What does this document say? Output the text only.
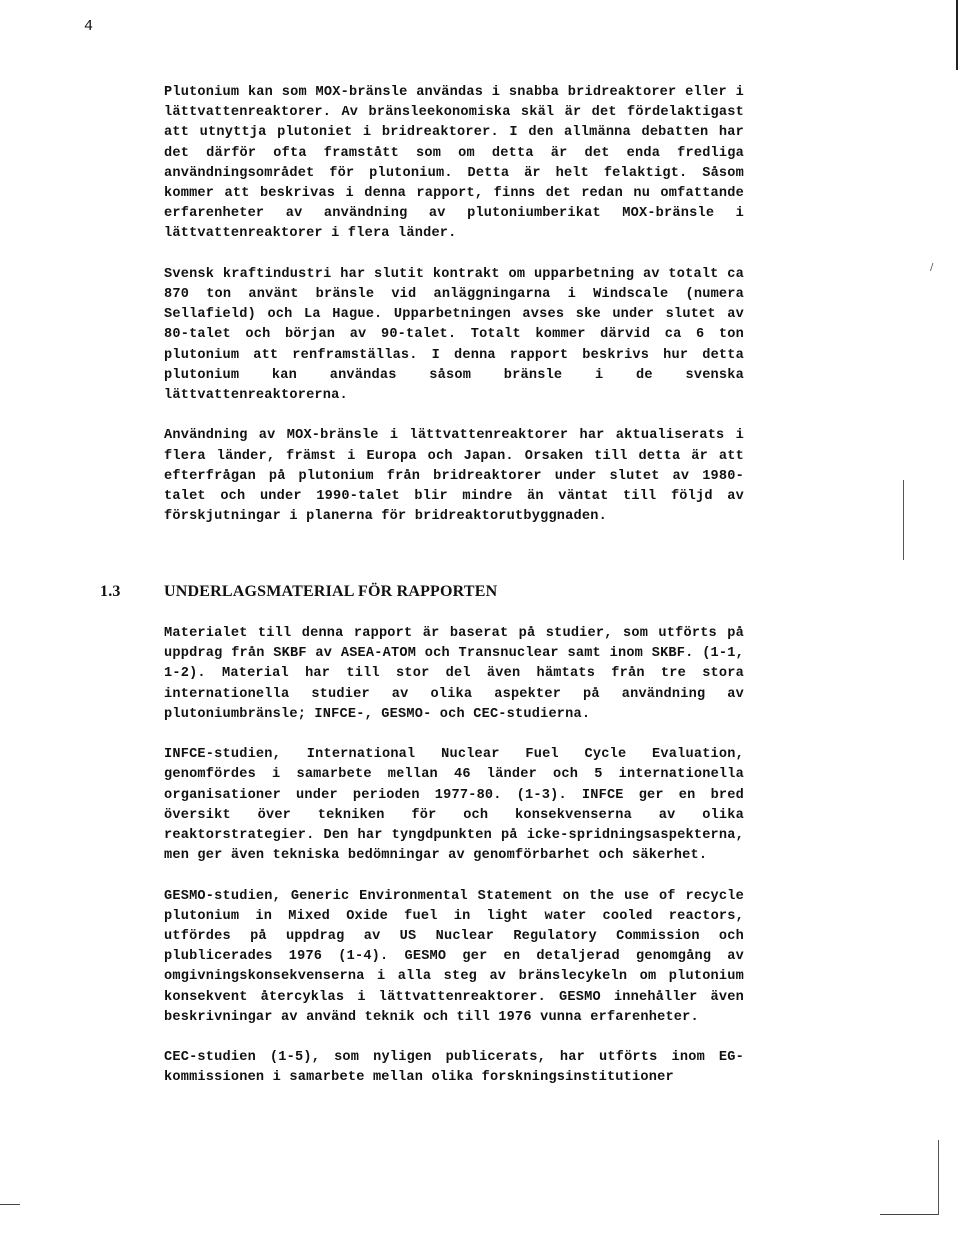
/
4

Plutonium kan som MOX-bränsle användas i snabba bridreaktorer eller i lättvattenreaktorer. Av bränsleekonomiska skäl är det fördelaktigast att utnyttja plutoniet i bridreaktorer. I den allmänna debatten har det därför ofta framstått som om detta är det enda fredliga användningsområdet för plutonium. Detta är helt felaktigt. Såsom kommer att beskrivas i denna rapport, finns det redan nu omfattande erfarenheter av användning av plutoniumberikat MOX-bränsle i lättvattenreaktorer i flera länder.

Svensk kraftindustri har slutit kontrakt om upparbetning av totalt ca 870 ton använt bränsle vid anläggningarna i Windscale (numera Sellafield) och La Hague. Upparbetningen avses ske under slutet av 80-talet och början av 90-talet. Totalt kommer därvid ca 6 ton plutonium att renframställas. I denna rapport beskrivs hur detta plutonium kan användas såsom bränsle i de svenska lättvattenreaktorerna.

Användning av MOX-bränsle i lättvattenreaktorer har aktualiserats i flera länder, främst i Europa och Japan. Orsaken till detta är att efterfrågan på plutonium från bridreaktorer under slutet av 1980-talet och under 1990-talet blir mindre än väntat till följd av förskjutningar i planerna för bridreaktorutbyggnaden.

1.3	UNDERLAGSMATERIAL FÖR RAPPORTEN

Materialet till denna rapport är baserat på studier, som utförts på uppdrag från SKBF av ASEA-ATOM och Transnuclear samt inom SKBF. (1-1, 1-2). Material har till stor del även hämtats från tre stora internationella studier av olika aspekter på användning av plutoniumbränsle; INFCE-, GESMO- och CEC-studierna.

INFCE-studien, International Nuclear Fuel Cycle Evaluation, genomfördes i samarbete mellan 46 länder och 5 internationella organisationer under perioden 1977-80. (1-3). INFCE ger en bred översikt över tekniken för och konsekvenserna av olika reaktorstrategier. Den har tyngdpunkten på icke-spridningsaspekterna, men ger även tekniska bedömningar av genomförbarhet och säkerhet.

GESMO-studien, Generic Environmental Statement on the use of recycle plutonium in Mixed Oxide fuel in light water cooled reactors, utfördes på uppdrag av US Nuclear Regulatory Commission och plublicerades 1976 (1-4). GESMO ger en detaljerad genomgång av omgivningskonsekvenserna i alla steg av bränslecykeln om plutonium konsekvent återcyklas i lättvattenreaktorer. GESMO innehåller även beskrivningar av använd teknik och till 1976 vunna erfarenheter.

CEC-studien (1-5), som nyligen publicerats, har utförts inom EG-kommissionen i samarbete mellan olika forskningsinstitutioner
